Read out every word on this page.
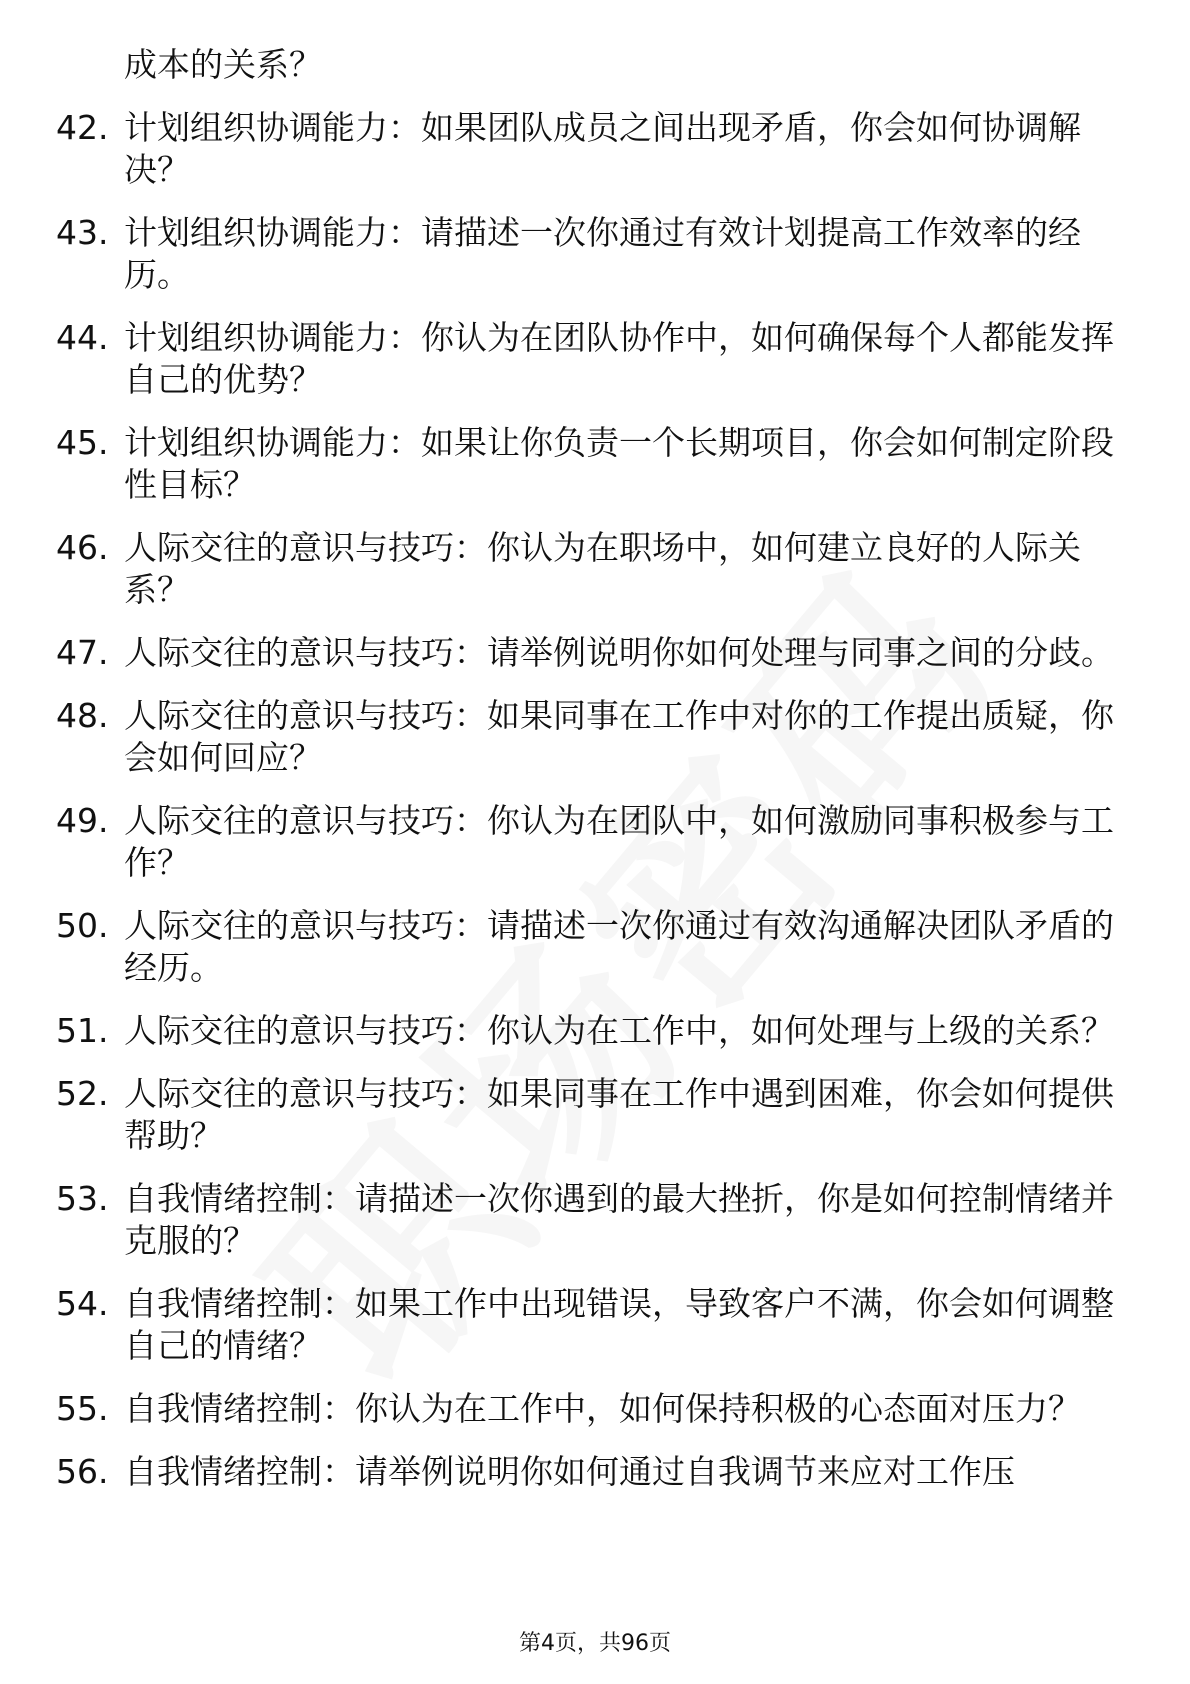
成本的关系？
42. 计划组织协调能力：如果团队成员之间出现矛盾，你会如何协调解决？
43. 计划组织协调能力：请描述一次你通过有效计划提高工作效率的经历。
44. 计划组织协调能力：你认为在团队协作中，如何确保每个人都能发挥自己的优势？
45. 计划组织协调能力：如果让你负责一个长期项目，你会如何制定阶段性目标？
46. 人际交往的意识与技巧：你认为在职场中，如何建立良好的人际关系？
47. 人际交往的意识与技巧：请举例说明你如何处理与同事之间的分歧。
48. 人际交往的意识与技巧：如果同事在工作中对你的工作提出质疑，你会如何回应？
49. 人际交往的意识与技巧：你认为在团队中，如何激励同事积极参与工作？
50. 人际交往的意识与技巧：请描述一次你通过有效沟通解决团队矛盾的经历。
51. 人际交往的意识与技巧：你认为在工作中，如何处理与上级的关系？
52. 人际交往的意识与技巧：如果同事在工作中遇到困难，你会如何提供帮助？
53. 自我情绪控制：请描述一次你遇到的最大挫折，你是如何控制情绪并克服的？
54. 自我情绪控制：如果工作中出现错误，导致客户不满，你会如何调整自己的情绪？
55. 自我情绪控制：你认为在工作中，如何保持积极的心态面对压力？
56. 自我情绪控制：请举例说明你如何通过自我调节来应对工作压
第4页，共96页
